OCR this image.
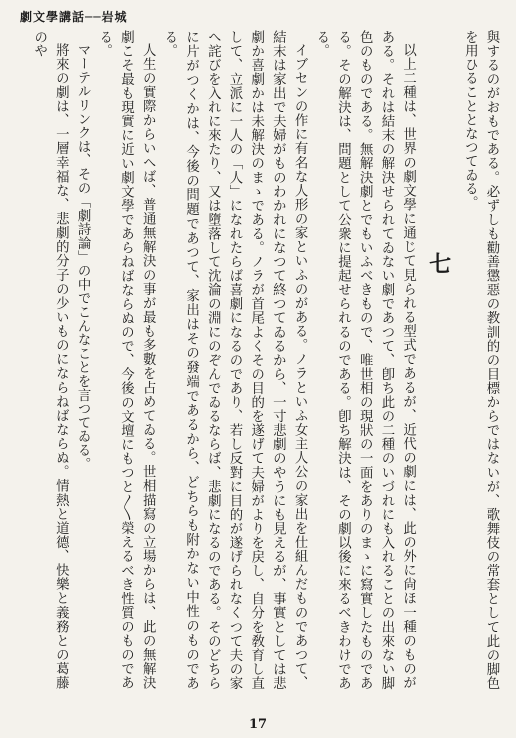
劇文學講話──岩城

與するのがおもである。必ずしも勸善懲惡の教訓的の目標からではないが、歌舞伎の常套として此の脚色を用ひることとなつてゐる。

七

以上二種は、世界の劇文學に通じて見られる型式であるが、近代の劇には、此の外に尙ほ一種のものがある。それは結末の解決せられてゐない劇であつて、卽ち此の二種のいづれにも入れることの出來ない脚色のものである。無解決劇とでもいふべきもので、唯世相の現狀の一面をありのまゝに寫實したものである。その解決は、問題として公衆に提起せられるのである。卽ち解決は、その劇以後に來るべきわけである。

イブセンの作に有名な人形の家といふのがある。ノラといふ女主人公の家出を仕組んだものであつて、結末は家出で夫婦がものわかれになつて終つてゐるから、一寸悲劇のやうにも見えるが、事實としては悲劇か喜劇かは未解決のまゝである。ノラが首尾よくその目的を遂げて夫婦がよりを戻し、自分を敎育し直して、立派に一人の「人」になれたらば喜劇になるのであり、若し反對に目的が遂げられなくつて夫の家へ詫びを入れに來たり、又は墮落して沈淪の淵にのぞんでゐるならば、悲劇になるのである。そのどちらに片がつくかは、今後の問題であつて、家出はその發端であるから、どちらも附かない中性のものである。

人生の實際からいへば、普通無解決の事が最も多數を占めてゐる。世相描寫の立場からは、此の無解決劇こそ最も現實に近い劇文學であらねばならぬので、今後の文壇にもつと〳〵榮えるべき性質のものである。

マーテルリンクは、その「劇詩論」の中でこんなことを言つてゐる。

將來の劇は、一層幸福な、悲劇的分子の少いものにならねばならぬ。情熱と道德、快樂と義務との葛藤のや

17
